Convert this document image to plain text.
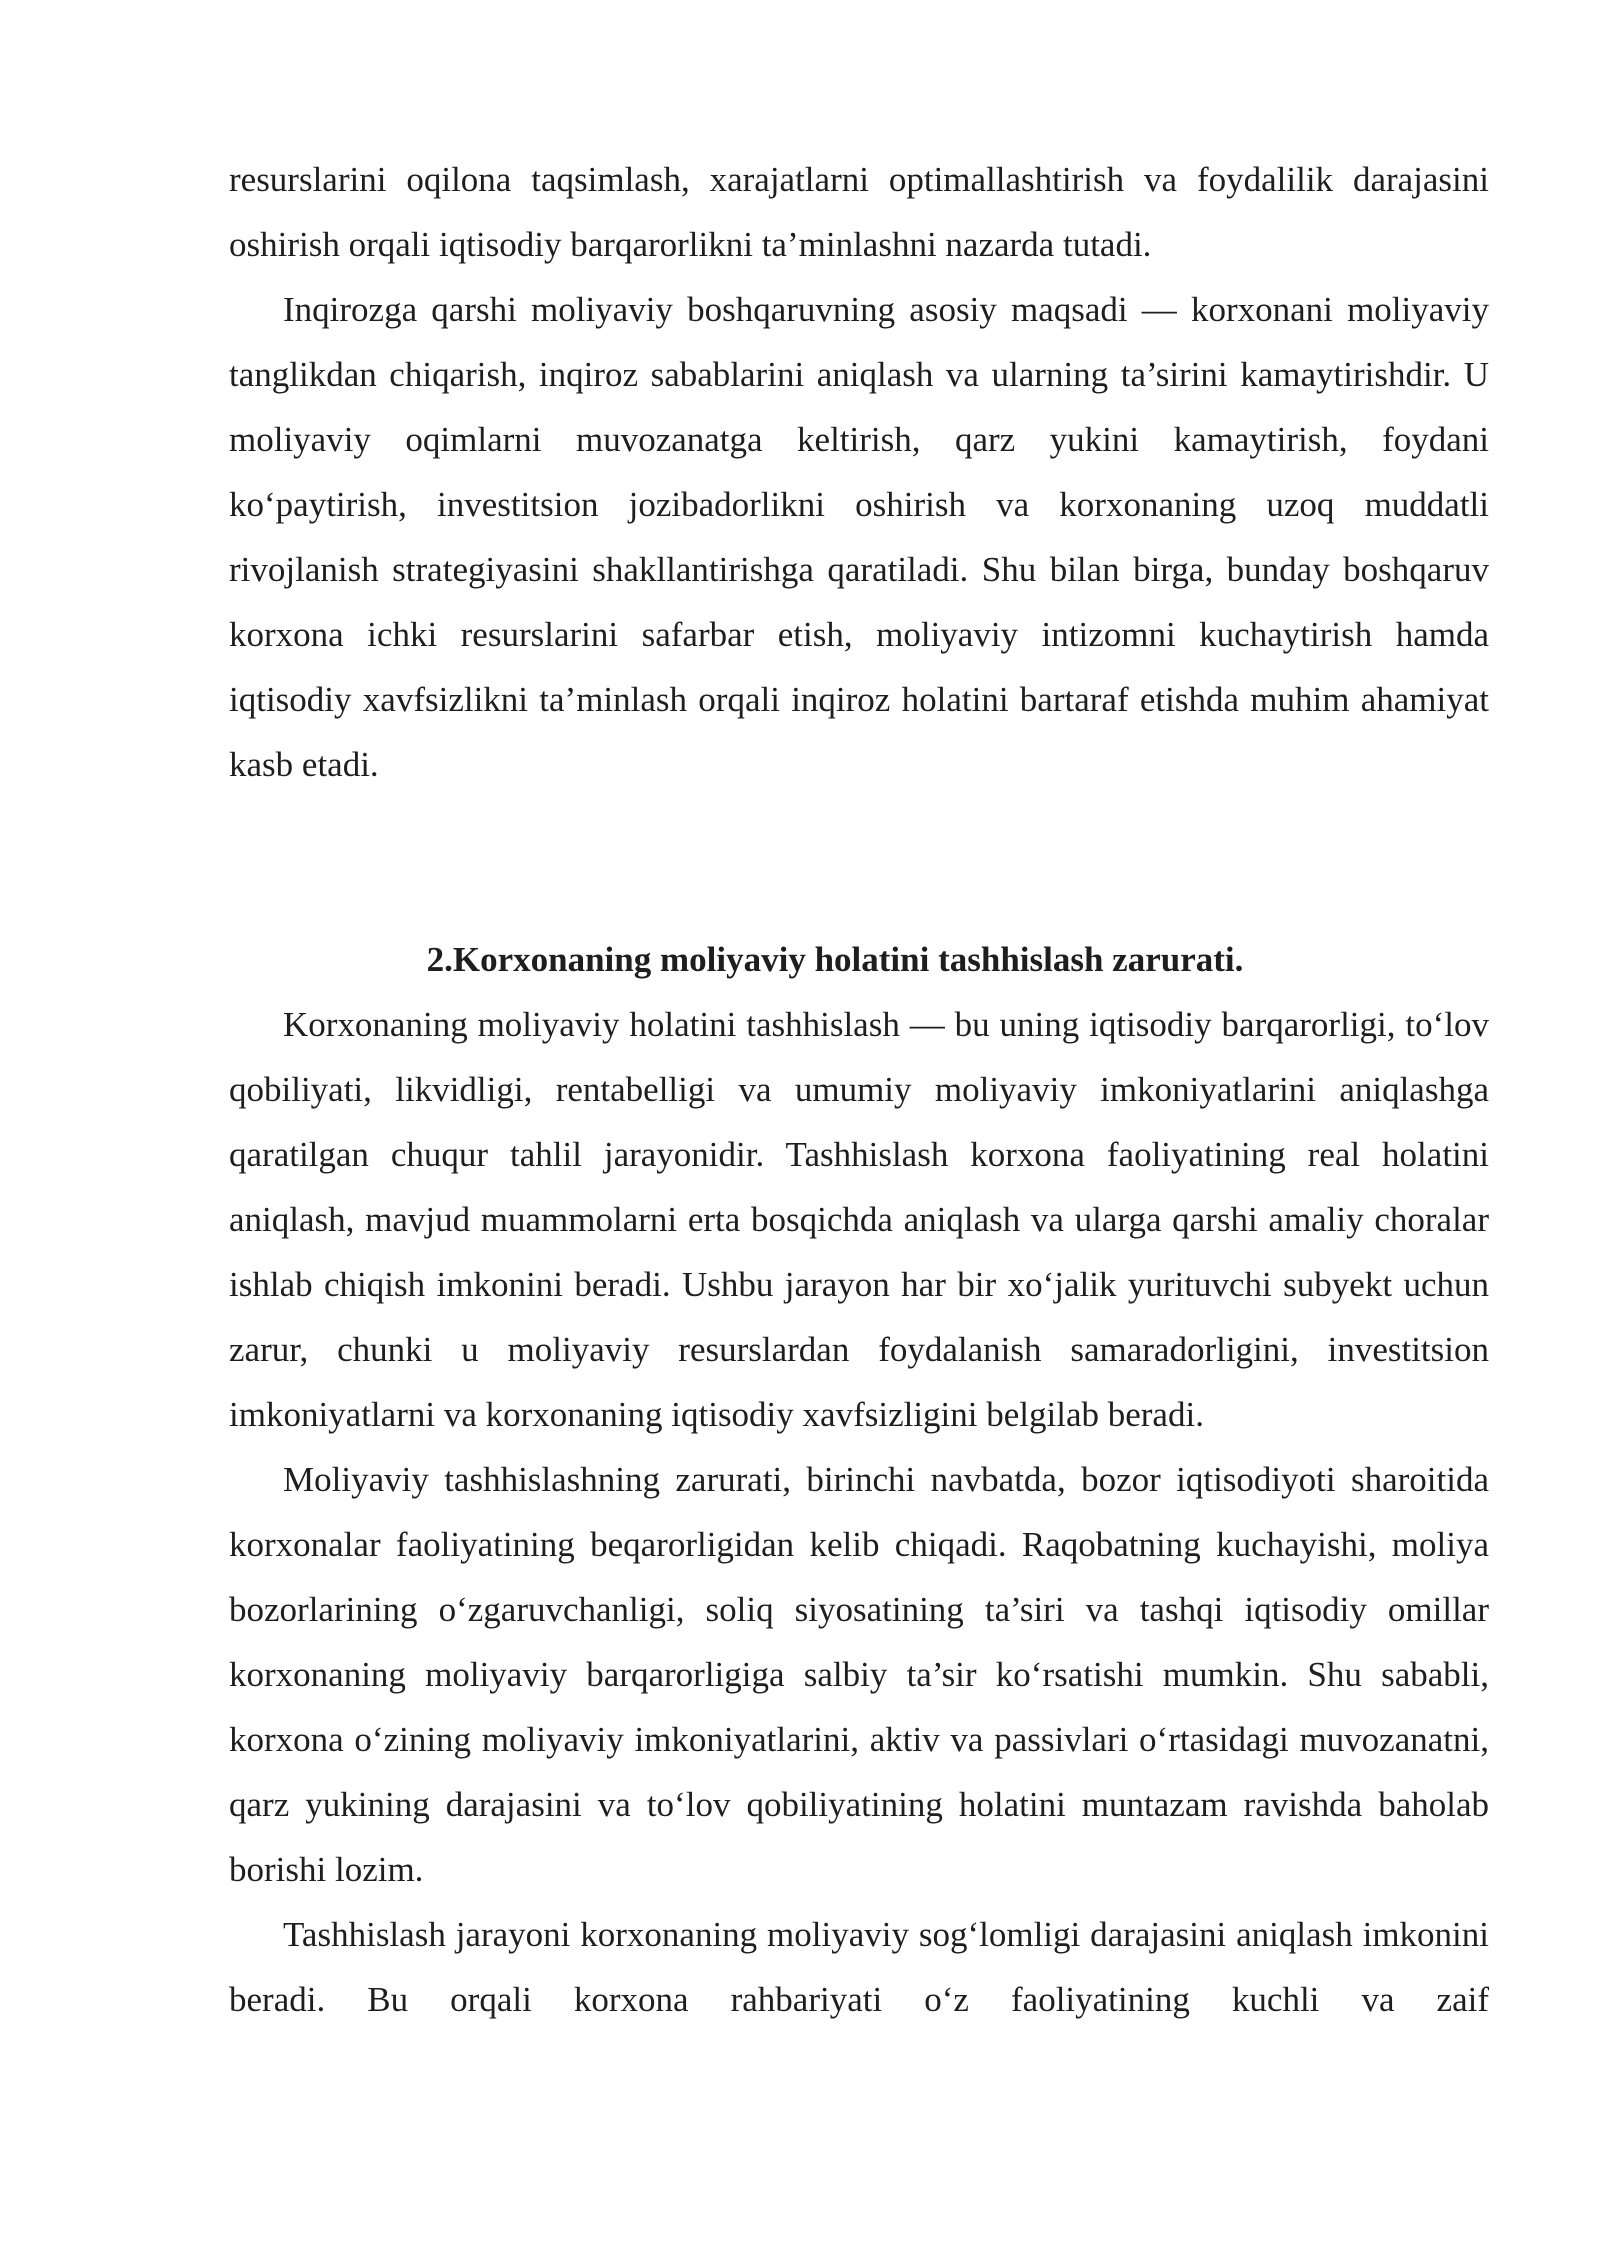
resurslarini oqilona taqsimlash, xarajatlarni optimallashtirish va foydalilik darajasini oshirish orqali iqtisodiy barqarorlikni ta’minlashni nazarda tutadi.

Inqirozga qarshi moliyaviy boshqaruvning asosiy maqsadi — korxonani moliyaviy tanglikdan chiqarish, inqiroz sabablarini aniqlash va ularning ta’sirini kamaytirishdir. U moliyaviy oqimlarni muvozanatga keltirish, qarz yukini kamaytirish, foydani ko‘paytirish, investitsion jozibadorlikni oshirish va korxonaning uzoq muddatli rivojlanish strategiyasini shakllantirishga qaratiladi. Shu bilan birga, bunday boshqaruv korxona ichki resurslarini safarbar etish, moliyaviy intizomni kuchaytirish hamda iqtisodiy xavfsizlikni ta’minlash orqali inqiroz holatini bartaraf etishda muhim ahamiyat kasb etadi.

2.Korxonaning moliyaviy holatini tashhislash zarurati.

Korxonaning moliyaviy holatini tashhislash — bu uning iqtisodiy barqarorligi, to‘lov qobiliyati, likvidligi, rentabelligi va umumiy moliyaviy imkoniyatlarini aniqlashga qaratilgan chuqur tahlil jarayonidir. Tashhislash korxona faoliyatining real holatini aniqlash, mavjud muammolarni erta bosqichda aniqlash va ularga qarshi amaliy choralar ishlab chiqish imkonini beradi. Ushbu jarayon har bir xo‘jalik yurituvchi subyekt uchun zarur, chunki u moliyaviy resurslardan foydalanish samaradorligini, investitsion imkoniyatlarni va korxonaning iqtisodiy xavfsizligini belgilab beradi.

Moliyaviy tashhislashning zarurati, birinchi navbatda, bozor iqtisodiyoti sharoitida korxonalar faoliyatining beqarorligidan kelib chiqadi. Raqobatning kuchayishi, moliya bozorlarining o‘zgaruvchanligi, soliq siyosatining ta’siri va tashqi iqtisodiy omillar korxonaning moliyaviy barqarorligiga salbiy ta’sir ko‘rsatishi mumkin. Shu sababli, korxona o‘zining moliyaviy imkoniyatlarini, aktiv va passivlari o‘rtasidagi muvozanatni, qarz yukining darajasini va to‘lov qobiliyatining holatini muntazam ravishda baholab borishi lozim.

Tashhislash jarayoni korxonaning moliyaviy sog‘lomligi darajasini aniqlash imkonini beradi. Bu orqali korxona rahbariyati o‘z faoliyatining kuchli va zaif
